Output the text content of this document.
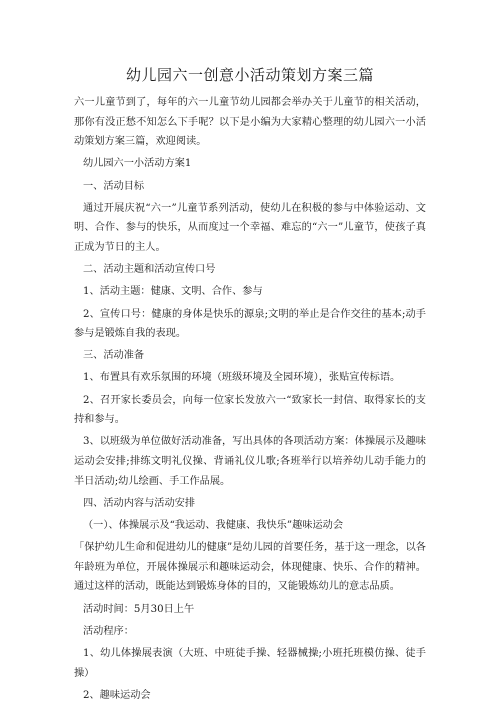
幼儿园六一创意小活动策划方案三篇

六一儿童节到了，每年的六一儿童节幼儿园都会举办关于儿童节的相关活动，那你有没正愁不知怎么下手呢？以下是小编为大家精心整理的幼儿园六一小活动策划方案三篇，欢迎阅读。

幼儿园六一小活动方案1

一、活动目标

通过开展庆祝“六一”儿童节系列活动，使幼儿在积极的参与中体验运动、文明、合作、参与的快乐，从而度过一个幸福、难忘的“六一”儿童节，使孩子真正成为节日的主人。

二、活动主题和活动宣传口号

1、活动主题：健康、文明、合作、参与

2、宣传口号：健康的身体是快乐的源泉;文明的举止是合作交往的基本;动手参与是锻炼自我的表现。

三、活动准备

1、布置具有欢乐氛围的环境（班级环境及全园环境），张贴宣传标语。

2、召开家长委员会，向每一位家长发放六一“致家长一封信、取得家长的支持和参与。

3、以班级为单位做好活动准备，写出具体的各项活动方案：体操展示及趣味运动会安排;排练文明礼仪操、背诵礼仪儿歌;各班举行以培养幼儿动手能力的半日活动;幼儿绘画、手工作品展。

四、活动内容与活动安排

（一）、体操展示及“我运动、我健康、我快乐”趣味运动会

「保护幼儿生命和促进幼儿的健康”是幼儿园的首要任务，基于这一理念，以各年龄班为单位，开展体操展示和趣味运动会，体现健康、快乐、合作的精神。通过这样的活动，既能达到锻炼身体的目的，又能锻炼幼儿的意志品质。

活动时间：5月30日上午

活动程序：

1、幼儿体操展表演（大班、中班徒手操、轻器械操;小班托班模仿操、徒手操）

2、趣味运动会
